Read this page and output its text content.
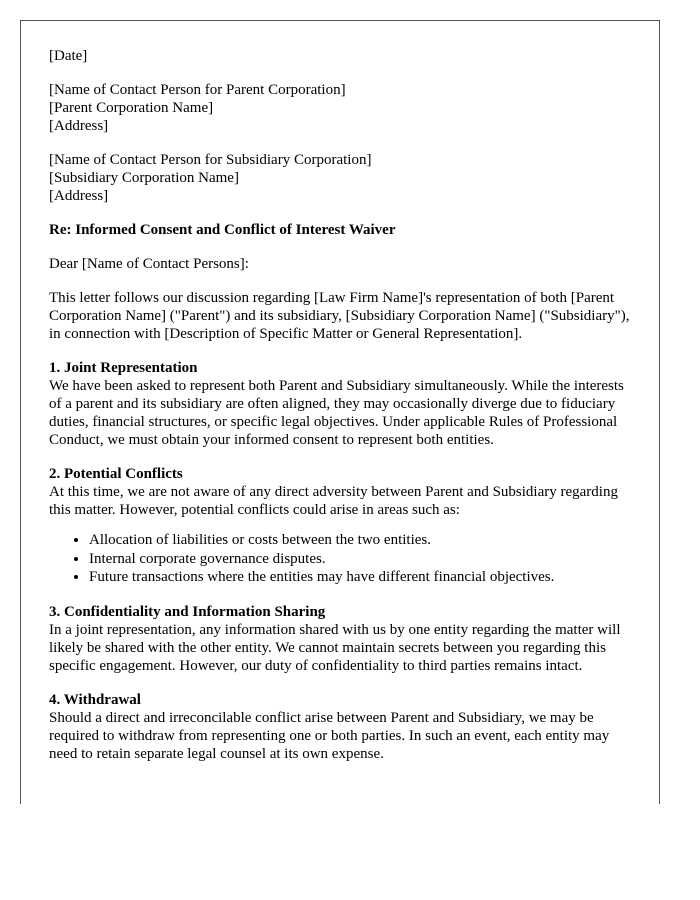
[Date]

[Name of Contact Person for Parent Corporation]
[Parent Corporation Name]
[Address]

[Name of Contact Person for Subsidiary Corporation]
[Subsidiary Corporation Name]
[Address]

Re: Informed Consent and Conflict of Interest Waiver

Dear [Name of Contact Persons]:

This letter follows our discussion regarding [Law Firm Name]'s representation of both [Parent Corporation Name] ("Parent") and its subsidiary, [Subsidiary Corporation Name] ("Subsidiary"), in connection with [Description of Specific Matter or General Representation].

1. Joint Representation
We have been asked to represent both Parent and Subsidiary simultaneously. While the interests of a parent and its subsidiary are often aligned, they may occasionally diverge due to fiduciary duties, financial structures, or specific legal objectives. Under applicable Rules of Professional Conduct, we must obtain your informed consent to represent both entities.
2. Potential Conflicts
At this time, we are not aware of any direct adversity between Parent and Subsidiary regarding this matter. However, potential conflicts could arise in areas such as:
• Allocation of liabilities or costs between the two entities.
• Internal corporate governance disputes.
• Future transactions where the entities may have different financial objectives.
3. Confidentiality and Information Sharing
In a joint representation, any information shared with us by one entity regarding the matter will likely be shared with the other entity. We cannot maintain secrets between you regarding this specific engagement. However, our duty of confidentiality to third parties remains intact.
4. Withdrawal
Should a direct and irreconcilable conflict arise between Parent and Subsidiary, we may be required to withdraw from representing one or both parties. In such an event, each entity may need to retain separate legal counsel at its own expense.
